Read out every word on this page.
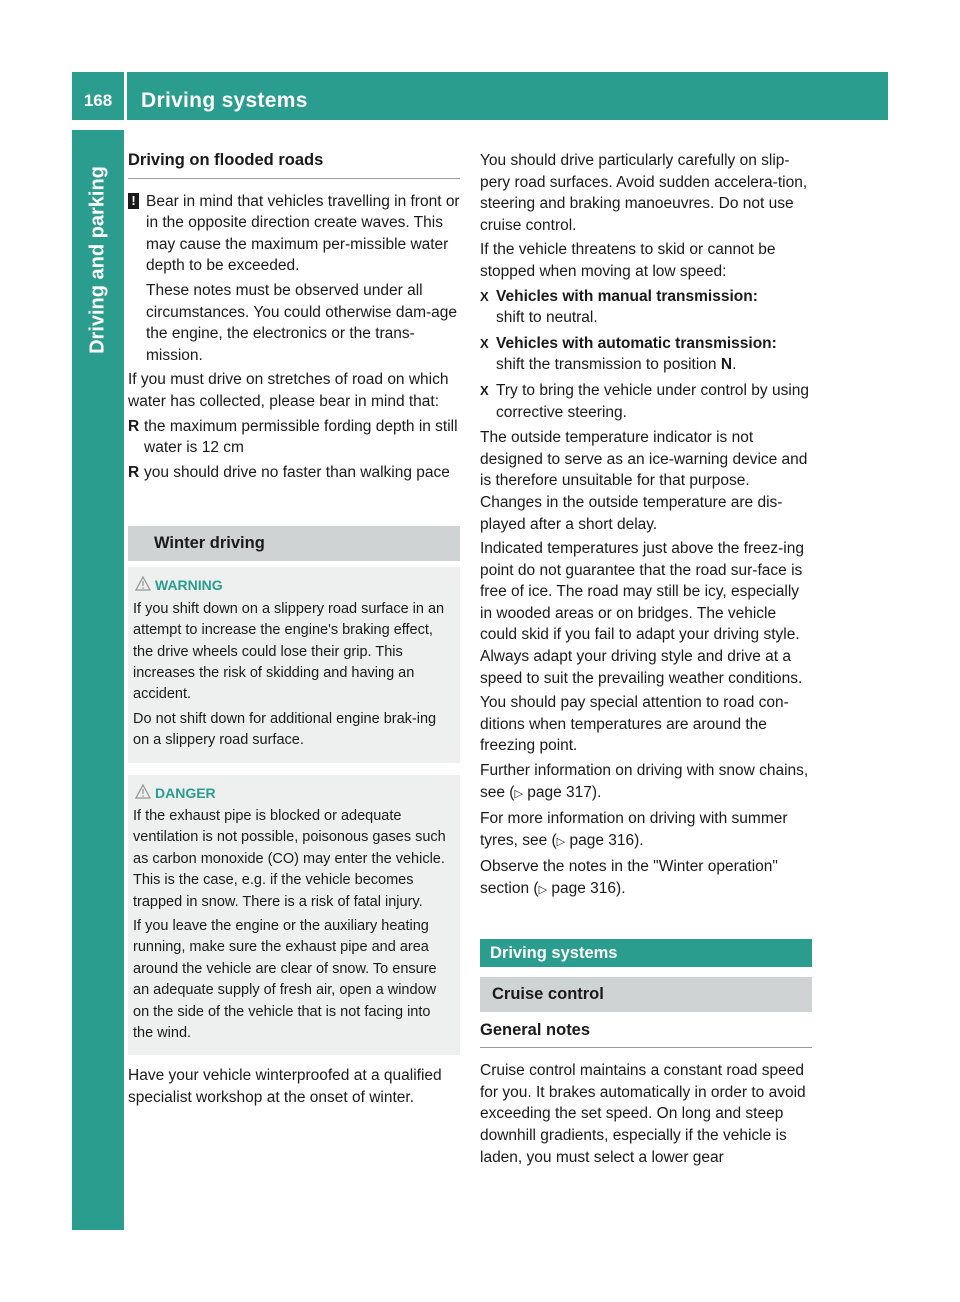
168	Driving systems
Driving and parking
Driving on flooded roads
! Bear in mind that vehicles travelling in front or in the opposite direction create waves. This may cause the maximum per-missible water depth to be exceeded.

These notes must be observed under all circumstances. You could otherwise dam-age the engine, the electronics or the trans-mission.

If you must drive on stretches of road on which water has collected, please bear in mind that:

R the maximum permissible fording depth in still water is 12 cm
R you should drive no faster than walking pace
Winter driving
WARNING

If you shift down on a slippery road surface in an attempt to increase the engine's braking effect, the drive wheels could lose their grip. This increases the risk of skidding and having an accident.

Do not shift down for additional engine brak-ing on a slippery road surface.

DANGER

If the exhaust pipe is blocked or adequate ventilation is not possible, poisonous gases such as carbon monoxide (CO) may enter the vehicle. This is the case, e.g. if the vehicle becomes trapped in snow. There is a risk of fatal injury.

If you leave the engine or the auxiliary heating running, make sure the exhaust pipe and area around the vehicle are clear of snow. To ensure an adequate supply of fresh air, open a window on the side of the vehicle that is not facing into the wind.

Have your vehicle winterproofed at a qualified specialist workshop at the onset of winter.

You should drive particularly carefully on slip-pery road surfaces. Avoid sudden accelera-tion, steering and braking manoeuvres. Do not use cruise control.

If the vehicle threatens to skid or cannot be stopped when moving at low speed:

X Vehicles with manual transmission:
shift to neutral.
X Vehicles with automatic transmission:
shift the transmission to position N.
X Try to bring the vehicle under control by using corrective steering.

The outside temperature indicator is not designed to serve as an ice-warning device and is therefore unsuitable for that purpose. Changes in the outside temperature are dis-played after a short delay.

Indicated temperatures just above the freez-ing point do not guarantee that the road sur-face is free of ice. The road may still be icy, especially in wooded areas or on bridges. The vehicle could skid if you fail to adapt your driving style. Always adapt your driving style and drive at a speed to suit the prevailing weather conditions.

You should pay special attention to road con-ditions when temperatures are around the freezing point.

Further information on driving with snow chains, see (▷ page 317).

For more information on driving with summer tyres, see (▷ page 316).

Observe the notes in the "Winter operation" section (▷ page 316).

Driving systems
Cruise control
General notes

Cruise control maintains a constant road speed for you. It brakes automatically in order to avoid exceeding the set speed. On long and steep downhill gradients, especially if the vehicle is laden, you must select a lower gear
